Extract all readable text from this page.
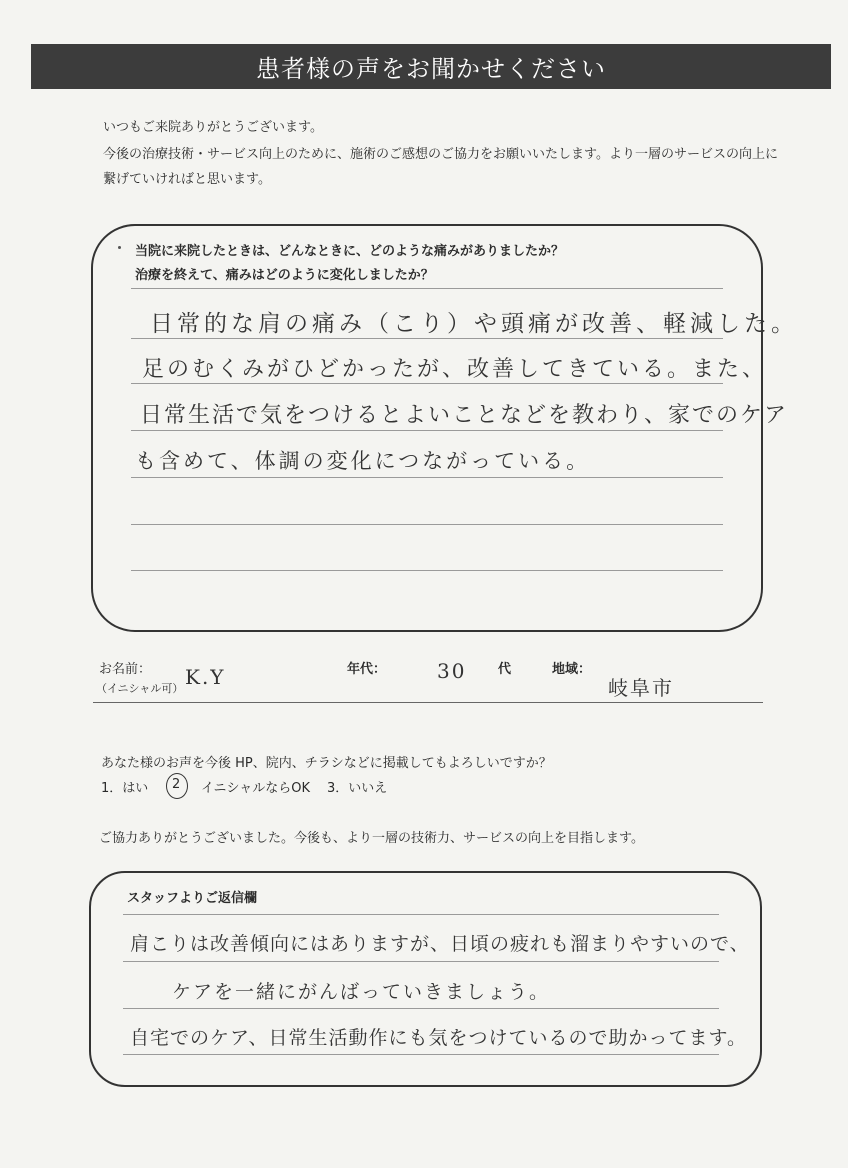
患者様の声をお聞かせください
いつもご来院ありがとうございます。
今後の治療技術・サービス向上のために、施術のご感想のご協力をお願いいたします。より一層のサービスの向上に
繋げていければと思います。
当院に来院したときは、どんなときに、どのような痛みがありましたか？
治療を終えて、痛みはどのように変化しましたか？
日常的な肩の痛み（こり）や頭痛が改善、軽減した。
足のむくみがひどかったが、改善してきている。また、
日常生活で気をつけるとよいことなどを教わり、家でのケア
も含めて、体調の変化につながっている。
お名前：
（イニシャル可） K.Y	年代：	30 代	地域：
岐阜市
あなた様のお声を今後 HP、院内、チラシなどに掲載してもよろしいですか？
1．はい 2 イニシャルならOK 3．いいえ
ご協力ありがとうございました。今後も、より一層の技術力、サービスの向上を目指します。
スタッフよりご返信欄
肩こりは改善傾向にはありますが、日頃の疲れも溜まりやすいので、
ケアを一緒にがんばっていきましょう。
自宅でのケア、日常生活動作にも気をつけているので助かってます。
